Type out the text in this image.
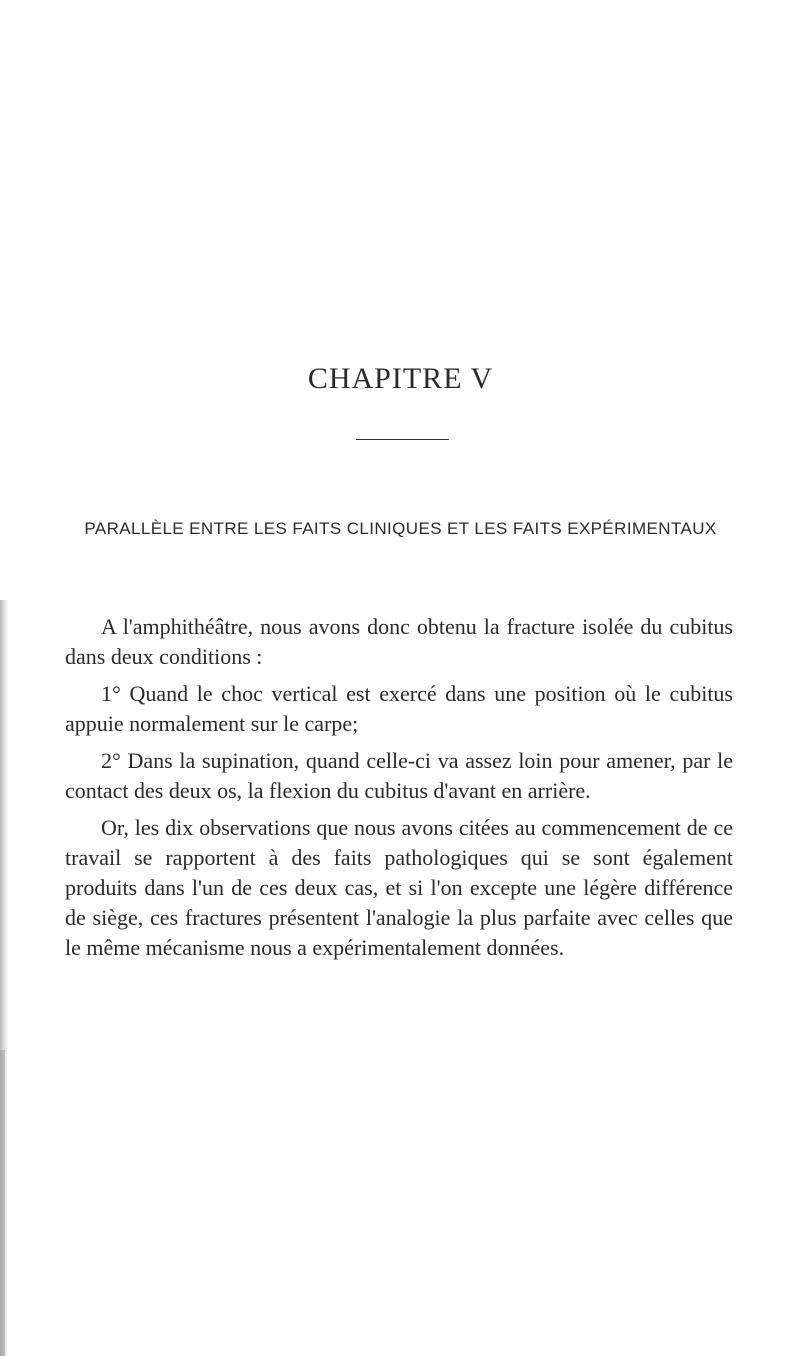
CHAPITRE V
PARALLÈLE ENTRE LES FAITS CLINIQUES ET LES FAITS EXPÉRIMENTAUX

A l'amphithéâtre, nous avons donc obtenu la fracture isolée du cubitus dans deux conditions :

1° Quand le choc vertical est exercé dans une position où le cubitus appuie normalement sur le carpe;

2° Dans la supination, quand celle-ci va assez loin pour amener, par le contact des deux os, la flexion du cubitus d'avant en arrière.

Or, les dix observations que nous avons citées au commencement de ce travail se rapportent à des faits pathologiques qui se sont également produits dans l'un de ces deux cas, et si l'on excepte une légère différence de siège, ces fractures présentent l'analogie la plus parfaite avec celles que le même mécanisme nous a expérimentalement données.
